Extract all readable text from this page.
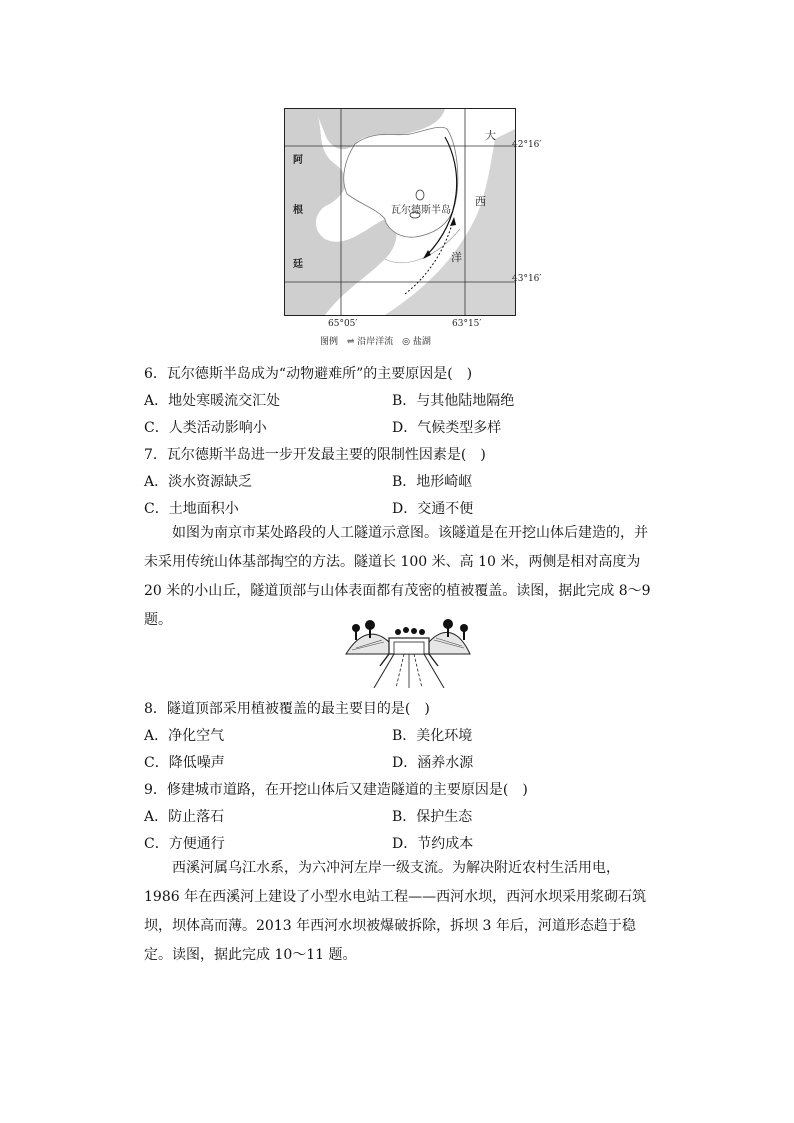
大
西
洋
阿
根
廷
瓦尔德斯半岛
42°16′
43°16′
65°05′	63°15′
图例 ⇌ 沿岸洋流 ◎ 盐湖
6．瓦尔德斯半岛成为“动物避难所”的主要原因是(　)
A．地处寒暖流交汇处	B．与其他陆地隔绝
C．人类活动影响小	D．气候类型多样
7．瓦尔德斯半岛进一步开发最主要的限制性因素是(　)
A．淡水资源缺乏	B．地形崎岖
C．土地面积小	D．交通不便
如图为南京市某处路段的人工隧道示意图。该隧道是在开挖山体后建造的，并未采用传统山体基部掏空的方法。隧道长 100 米、高 10 米，两侧是相对高度为 20 米的小山丘，隧道顶部与山体表面都有茂密的植被覆盖。读图，据此完成 8～9 题。
8．隧道顶部采用植被覆盖的最主要目的是(　)
A．净化空气	B．美化环境
C．降低噪声	D．涵养水源
9．修建城市道路，在开挖山体后又建造隧道的主要原因是(　)
A．防止落石	B．保护生态
C．方便通行	D．节约成本
西溪河属乌江水系，为六冲河左岸一级支流。为解决附近农村生活用电，1986 年在西溪河上建设了小型水电站工程——西河水坝，西河水坝采用浆砌石筑坝，坝体高而薄。2013 年西河水坝被爆破拆除，拆坝 3 年后，河道形态趋于稳定。读图，据此完成 10～11 题。
